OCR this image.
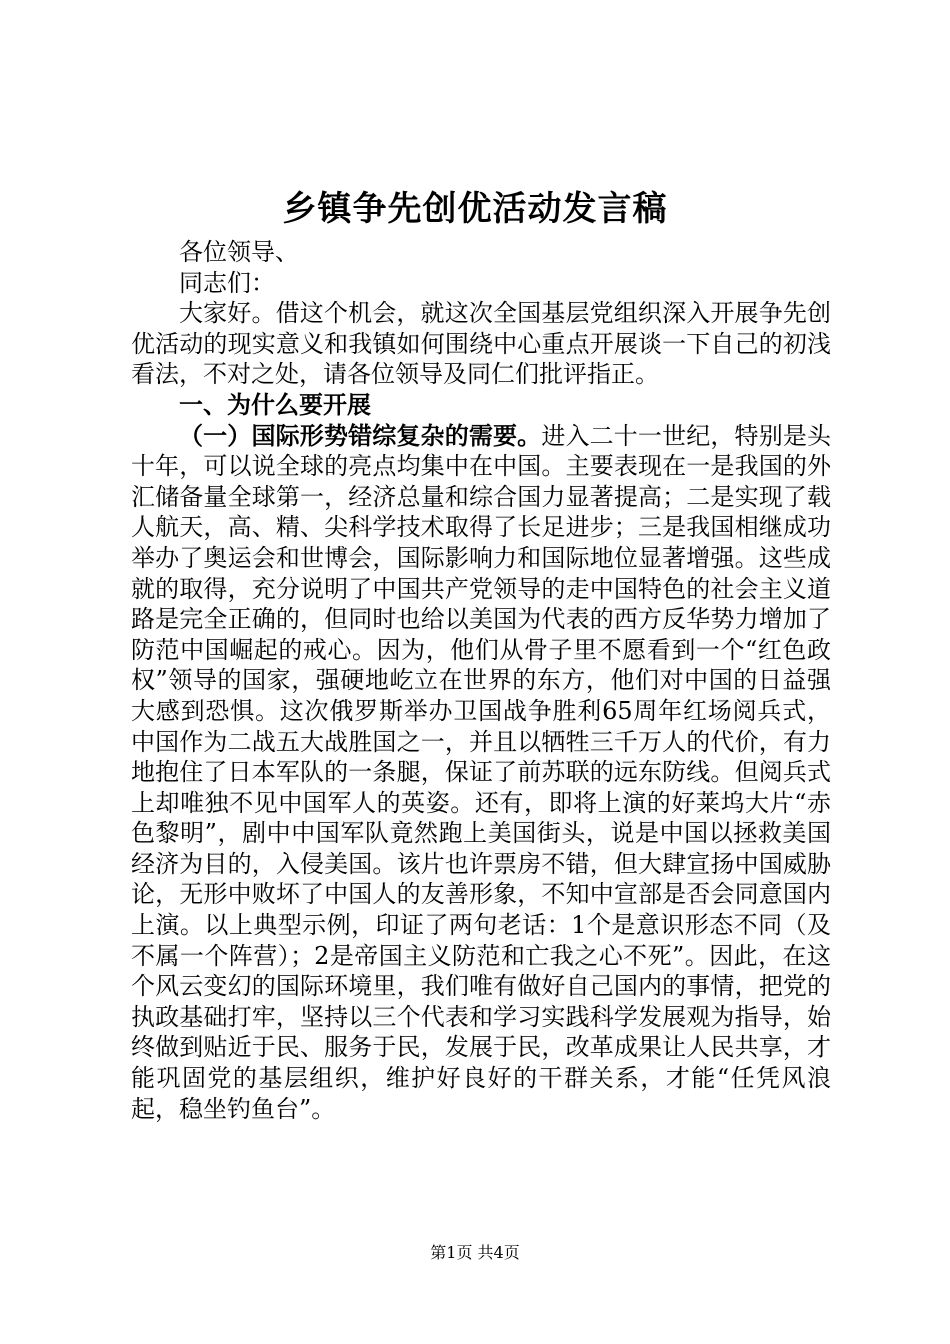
乡镇争先创优活动发言稿

各位领导、

同志们：

大家好。借这个机会，就这次全国基层党组织深入开展争先创优活动的现实意义和我镇如何围绕中心重点开展谈一下自己的初浅看法，不对之处，请各位领导及同仁们批评指正。

一、为什么要开展

（一）国际形势错综复杂的需要。进入二十一世纪，特别是头十年，可以说全球的亮点均集中在中国。主要表现在一是我国的外汇储备量全球第一，经济总量和综合国力显著提高；二是实现了载人航天，高、精、尖科学技术取得了长足进步；三是我国相继成功举办了奥运会和世博会，国际影响力和国际地位显著增强。这些成就的取得，充分说明了中国共产党领导的走中国特色的社会主义道路是完全正确的，但同时也给以美国为代表的西方反华势力增加了防范中国崛起的戒心。因为，他们从骨子里不愿看到一个“红色政权”领导的国家，强硬地屹立在世界的东方，他们对中国的日益强大感到恐惧。这次俄罗斯举办卫国战争胜利65周年红场阅兵式，中国作为二战五大战胜国之一，并且以牺牲三千万人的代价，有力地抱住了日本军队的一条腿，保证了前苏联的远东防线。但阅兵式上却唯独不见中国军人的英姿。还有，即将上演的好莱坞大片“赤色黎明”，剧中中国军队竟然跑上美国街头，说是中国以拯救美国经济为目的，入侵美国。该片也许票房不错，但大肆宣扬中国威胁论，无形中败坏了中国人的友善形象，不知中宣部是否会同意国内上演。以上典型示例，印证了两句老话：1个是意识形态不同（及不属一个阵营）；2是帝国主义防范和亡我之心不死”。因此，在这个风云变幻的国际环境里，我们唯有做好自己国内的事情，把党的执政基础打牢，坚持以三个代表和学习实践科学发展观为指导，始终做到贴近于民、服务于民，发展于民，改革成果让人民共享，才能巩固党的基层组织，维护好良好的干群关系，才能“任凭风浪起，稳坐钓鱼台”。

第1页 共4页
